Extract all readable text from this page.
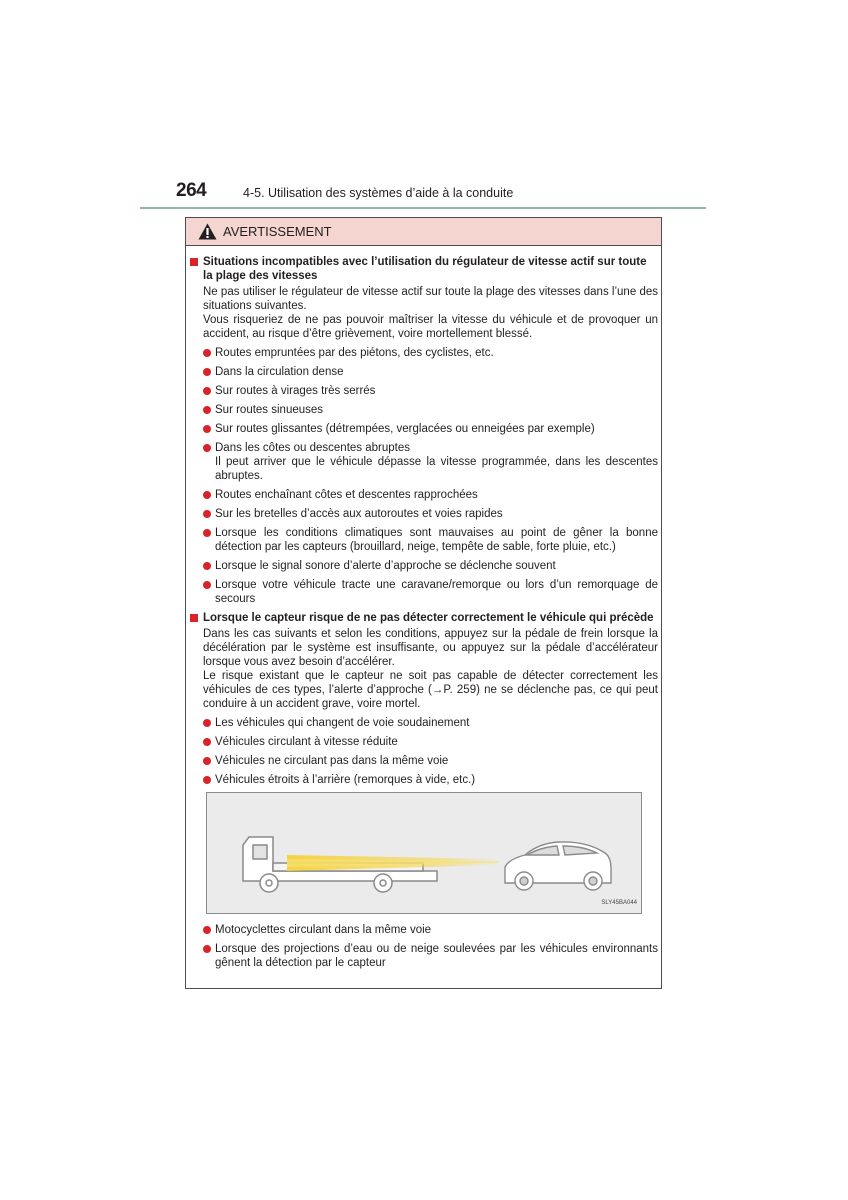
264	4-5. Utilisation des systèmes d’aide à la conduite
AVERTISSEMENT
Situations incompatibles avec l’utilisation du régulateur de vitesse actif sur toute la plage des vitesses
Ne pas utiliser le régulateur de vitesse actif sur toute la plage des vitesses dans l’une des situations suivantes.
Vous risqueriez de ne pas pouvoir maîtriser la vitesse du véhicule et de provoquer un accident, au risque d’être grièvement, voire mortellement blessé.
Routes empruntées par des piétons, des cyclistes, etc.
Dans la circulation dense
Sur routes à virages très serrés
Sur routes sinueuses
Sur routes glissantes (détrempées, verglacées ou enneigées par exemple)
Dans les côtes ou descentes abruptes
Il peut arriver que le véhicule dépasse la vitesse programmée, dans les descentes abruptes.
Routes enchaînant côtes et descentes rapprochées
Sur les bretelles d’accès aux autoroutes et voies rapides
Lorsque les conditions climatiques sont mauvaises au point de gêner la bonne détection par les capteurs (brouillard, neige, tempête de sable, forte pluie, etc.)
Lorsque le signal sonore d’alerte d’approche se déclenche souvent
Lorsque votre véhicule tracte une caravane/remorque ou lors d’un remorquage de secours
Lorsque le capteur risque de ne pas détecter correctement le véhicule qui précède
Dans les cas suivants et selon les conditions, appuyez sur la pédale de frein lorsque la décélération par le système est insuffisante, ou appuyez sur la pédale d’accélérateur lorsque vous avez besoin d’accélérer.
Le risque existant que le capteur ne soit pas capable de détecter correctement les véhicules de ces types, l’alerte d’approche (→P. 259) ne se déclenche pas, ce qui peut conduire à un accident grave, voire mortel.
Les véhicules qui changent de voie soudainement
Véhicules circulant à vitesse réduite
Véhicules ne circulant pas dans la même voie
Véhicules étroits à l’arrière (remorques à vide, etc.)
SLY45BA044
Motocyclettes circulant dans la même voie
Lorsque des projections d’eau ou de neige soulevées par les véhicules environnants gênent la détection par le capteur
